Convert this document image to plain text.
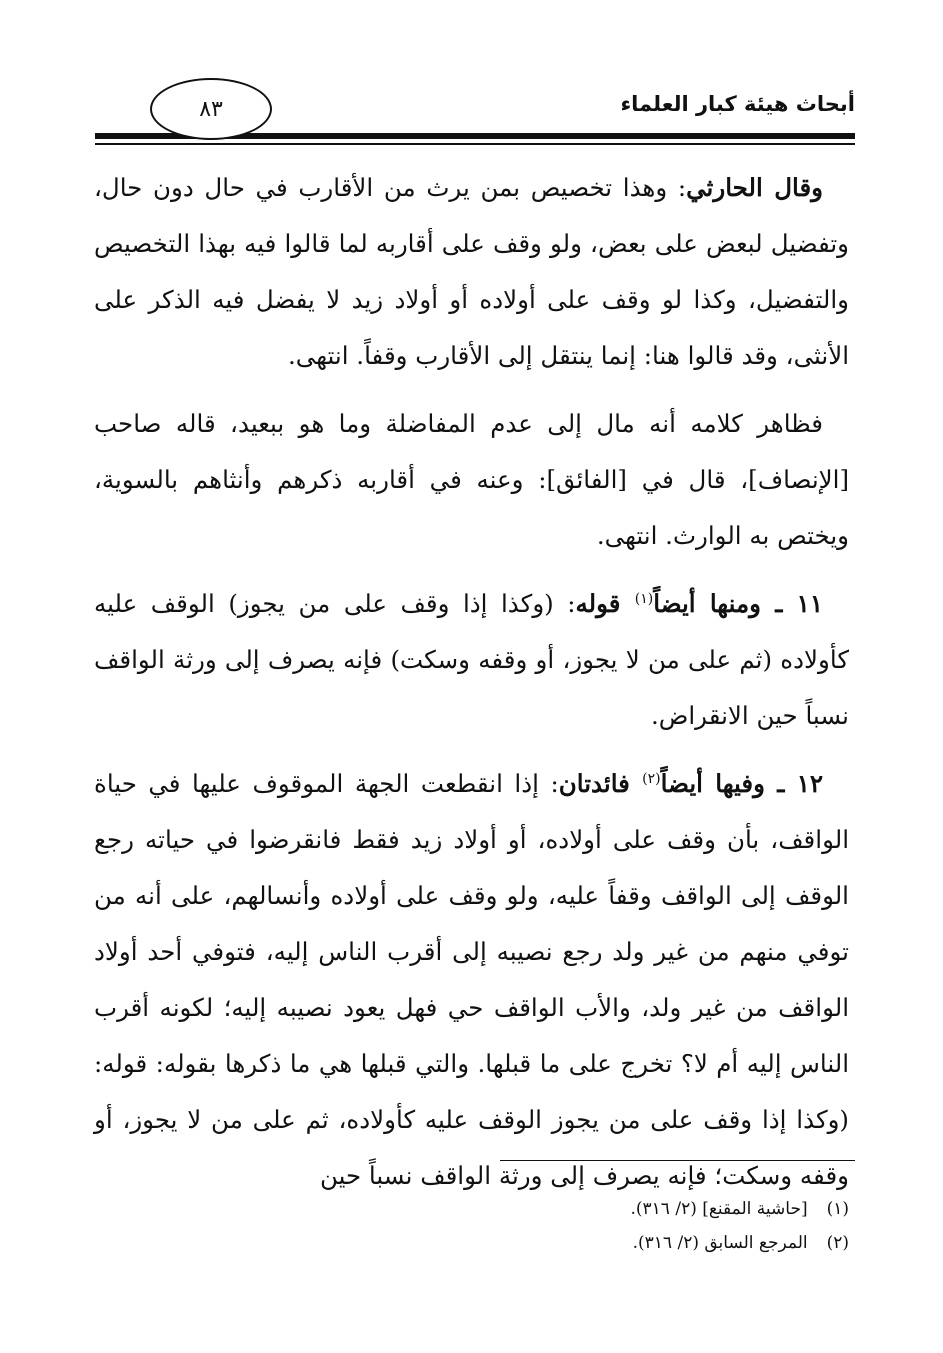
أبحاث هيئة كبار العلماء
٨٣

وقال الحارثي: وهذا تخصيص بمن يرث من الأقارب في حال دون حال، وتفضيل لبعض على بعض، ولو وقف على أقاربه لما قالوا فيه بهذا التخصيص والتفضيل، وكذا لو وقف على أولاده أو أولاد زيد لا يفضل فيه الذكر على الأنثى، وقد قالوا هنا: إنما ينتقل إلى الأقارب وقفاً. انتهى.

فظاهر كلامه أنه مال إلى عدم المفاضلة وما هو ببعيد، قاله صاحب [الإنصاف]، قال في [الفائق]: وعنه في أقاربه ذكرهم وأنثاهم بالسوية، ويختص به الوارث. انتهى.

١١ ـ ومنها أيضاً$^{(١)}$ قوله: (وكذا إذا وقف على من يجوز) الوقف عليه كأولاده (ثم على من لا يجوز، أو وقفه وسكت) فإنه يصرف إلى ورثة الواقف نسباً حين الانقراض.

١٢ ـ وفيها أيضاً$^{(٢)}$ فائدتان: إذا انقطعت الجهة الموقوف عليها في حياة الواقف، بأن وقف على أولاده، أو أولاد زيد فقط فانقرضوا في حياته رجع الوقف إلى الواقف وقفاً عليه، ولو وقف على أولاده وأنسالهم، على أنه من توفي منهم من غير ولد رجع نصيبه إلى أقرب الناس إليه، فتوفي أحد أولاد الواقف من غير ولد، والأب الواقف حي فهل يعود نصيبه إليه؛ لكونه أقرب الناس إليه أم لا؟ تخرج على ما قبلها. والتي قبلها هي ما ذكرها بقوله: قوله: (وكذا إذا وقف على من يجوز الوقف عليه كأولاده، ثم على من لا يجوز، أو وقفه وسكت؛ فإنه يصرف إلى ورثة الواقف نسباً حين

(١) [حاشية المقنع] (٢/ ٣١٦).
(٢) المرجع السابق (٢/ ٣١٦).
